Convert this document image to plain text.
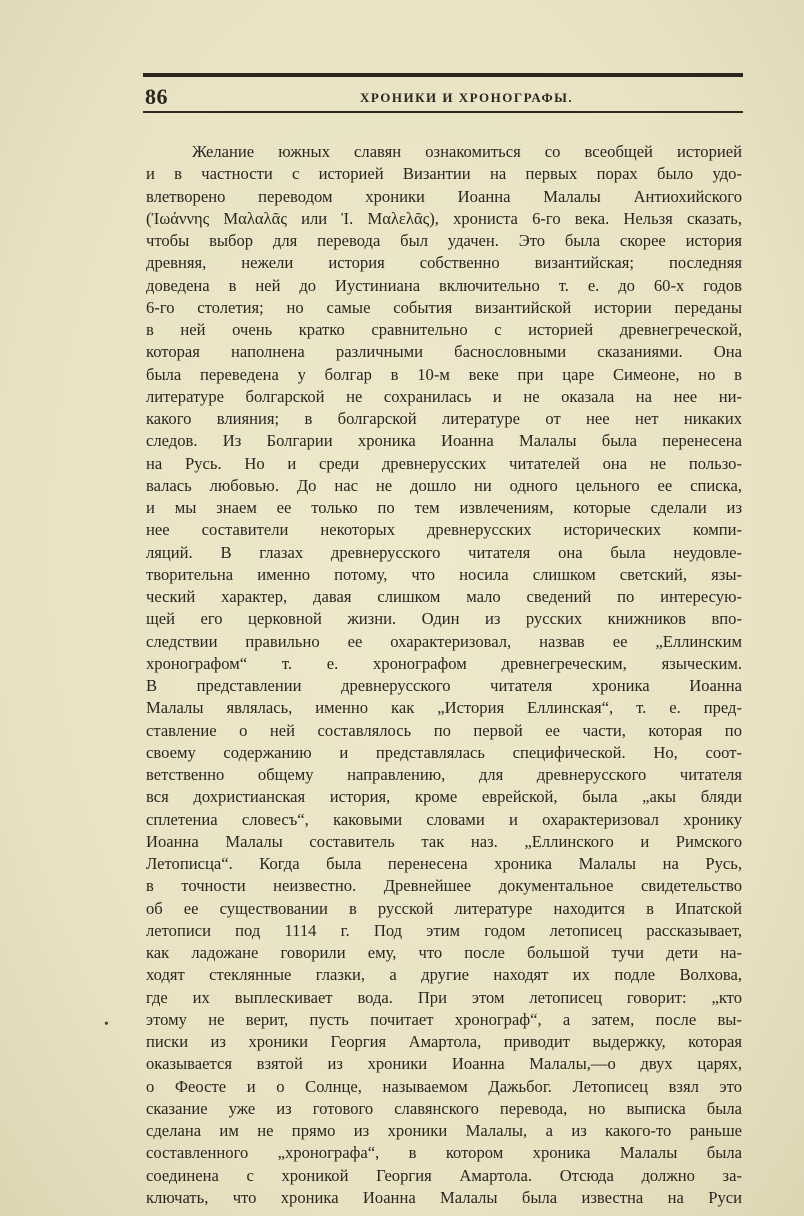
86	ХРОНИКИ И ХРОНОГРАФЫ.
•
Желание южных славян ознакомиться со всеобщей историей
и в частности с историей Византии на первых порах было удо-
влетворено переводом хроники Иоанна Малалы Антиохийского
(Ἰωάννης Μαλαλᾶς или Ἰ. Μαλελᾶς), хрониста 6-го века. Нельзя сказать,
чтобы выбор для перевода был удачен. Это была скорее история
древняя, нежели история собственно византийская; последняя
доведена в ней до Иустиниана включительно т. е. до 60-х годов
6-го столетия; но самые события византийской истории переданы
в ней очень кратко сравнительно с историей древнегреческой,
которая наполнена различными баснословными сказаниями. Она
была переведена у болгар в 10-м веке при царе Симеоне, но в
литературе болгарской не сохранилась и не оказала на нее ни-
какого влияния; в болгарской литературе от нее нет никаких
следов. Из Болгарии хроника Иоанна Малалы была перенесена
на Русь. Но и среди древнерусских читателей она не пользо-
валась любовью. До нас не дошло ни одного цельного ее списка,
и мы знаем ее только по тем извлечениям, которые сделали из
нее составители некоторых древнерусских исторических компи-
ляций. В глазах древнерусского читателя она была неудовле-
творительна именно потому, что носила слишком светский, язы-
ческий характер, давая слишком мало сведений по интересую-
щей его церковной жизни. Один из русских книжников впо-
следствии правильно ее охарактеризовал, назвав ее „Еллинским
хронографом“ т. е. хронографом древнегреческим, языческим.
В представлении древнерусского читателя хроника Иоанна
Малалы являлась, именно как „История Еллинская“, т. е. пред-
ставление о ней составлялось по первой ее части, которая по
своему содержанию и представлялась специфической. Но, соот-
ветственно общему направлению, для древнерусского читателя
вся дохристианская история, кроме еврейской, была „акы бляди
сплетениа словесъ“, каковыми словами и охарактеризовал хронику
Иоанна Малалы составитель так наз. „Еллинского и Римского
Летописца“. Когда была перенесена хроника Малалы на Русь,
в точности неизвестно. Древнейшее документальное свидетельство
об ее существовании в русской литературе находится в Ипатской
летописи под 1114 г. Под этим годом летописец рассказывает,
как ладожане говорили ему, что после большой тучи дети на-
ходят стеклянные глазки, а другие находят их подле Волхова,
где их выплескивает вода. При этом летописец говорит: „кто
этому не верит, пусть почитает хронограф“, а затем, после вы-
писки из хроники Георгия Амартола, приводит выдержку, которая
оказывается взятой из хроники Иоанна Малалы,—о двух царях,
о Феосте и о Солнце, называемом Дажьбог. Летописец взял это
сказание уже из готового славянского перевода, но выписка была
сделана им не прямо из хроники Малалы, а из какого-то раньше
составленного „хронографа“, в котором хроника Малалы была
соединена с хроникой Георгия Амартола. Отсюда должно за-
ключать, что хроника Иоанна Малалы была известна на Руси
